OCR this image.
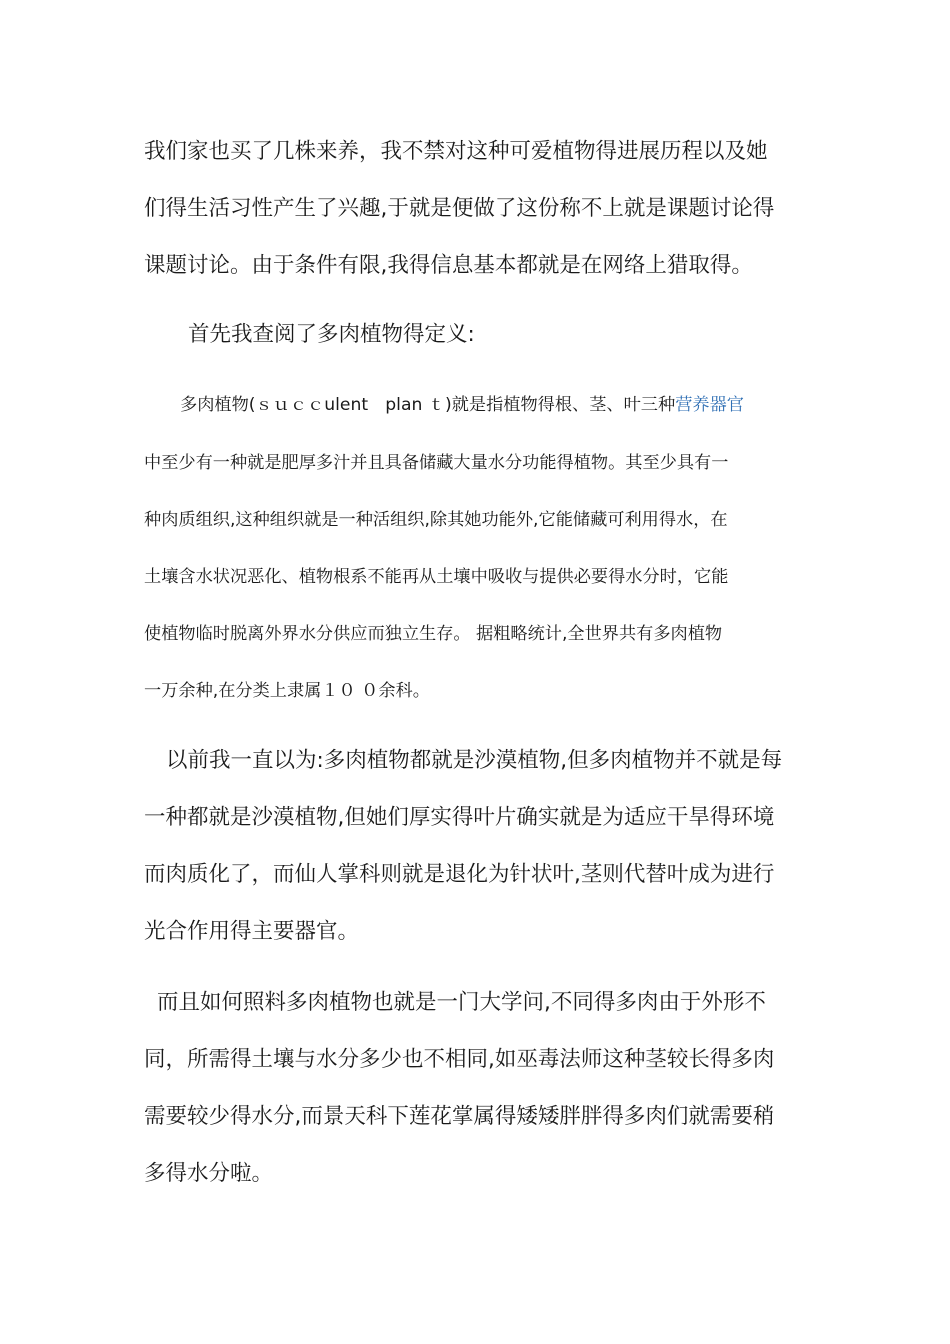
我们家也买了几株来养，我不禁对这种可爱植物得进展历程以及她
们得生活习性产生了兴趣,于就是便做了这份称不上就是课题讨论得
课题讨论。由于条件有限,我得信息基本都就是在网络上猎取得。
首先我查阅了多肉植物得定义:
多肉植物(ｓｕｃｃulent　plan ｔ)就是指植物得根、茎、叶三种营养器官
中至少有一种就是肥厚多汁并且具备储藏大量水分功能得植物。其至少具有一
种肉质组织,这种组织就是一种活组织,除其她功能外,它能储藏可利用得水，在
土壤含水状况恶化、植物根系不能再从土壤中吸收与提供必要得水分时，它能
使植物临时脱离外界水分供应而独立生存。 据粗略统计,全世界共有多肉植物
一万余种,在分类上隶属１０ ０余科。
以前我一直以为:多肉植物都就是沙漠植物,但多肉植物并不就是每
一种都就是沙漠植物,但她们厚实得叶片确实就是为适应干旱得环境
而肉质化了，而仙人掌科则就是退化为针状叶,茎则代替叶成为进行
光合作用得主要器官。
而且如何照料多肉植物也就是一门大学问,不同得多肉由于外形不
同，所需得土壤与水分多少也不相同,如巫毒法师这种茎较长得多肉
需要较少得水分,而景天科下莲花掌属得矮矮胖胖得多肉们就需要稍
多得水分啦。
